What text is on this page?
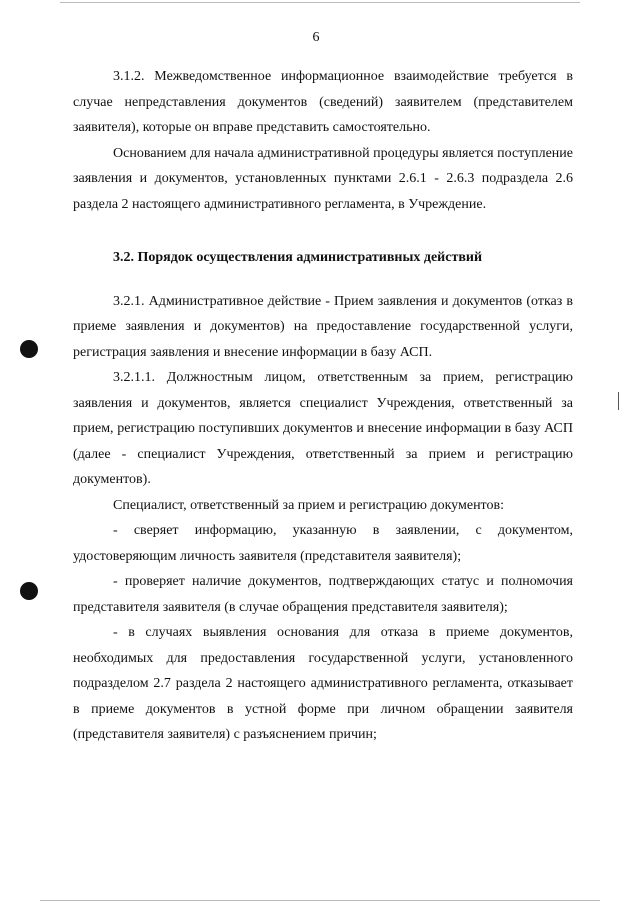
6

3.1.2. Межведомственное информационное взаимодействие требуется в случае непредставления документов (сведений) заявителем (представителем заявителя), которые он вправе представить самостоятельно.

Основанием для начала административной процедуры является поступление заявления и документов, установленных пунктами 2.6.1 - 2.6.3 подраздела 2.6 раздела 2 настоящего административного регламента, в Учреждение.

3.2. Порядок осуществления административных действий

3.2.1. Административное действие - Прием заявления и документов (отказ в приеме заявления и документов) на предоставление государственной услуги, регистрация заявления и внесение информации в базу АСП.

3.2.1.1. Должностным лицом, ответственным за прием, регистрацию заявления и документов, является специалист Учреждения, ответственный за прием, регистрацию поступивших документов и внесение информации в базу АСП (далее - специалист Учреждения, ответственный за прием и регистрацию документов).

Специалист, ответственный за прием и регистрацию документов:

- сверяет информацию, указанную в заявлении, с документом, удостоверяющим личность заявителя (представителя заявителя);

- проверяет наличие документов, подтверждающих статус и полномочия представителя заявителя (в случае обращения представителя заявителя);

- в случаях выявления основания для отказа в приеме документов, необходимых для предоставления государственной услуги, установленного подразделом 2.7 раздела 2 настоящего административного регламента, отказывает в приеме документов в устной форме при личном обращении заявителя (представителя заявителя) с разъяснением причин;
